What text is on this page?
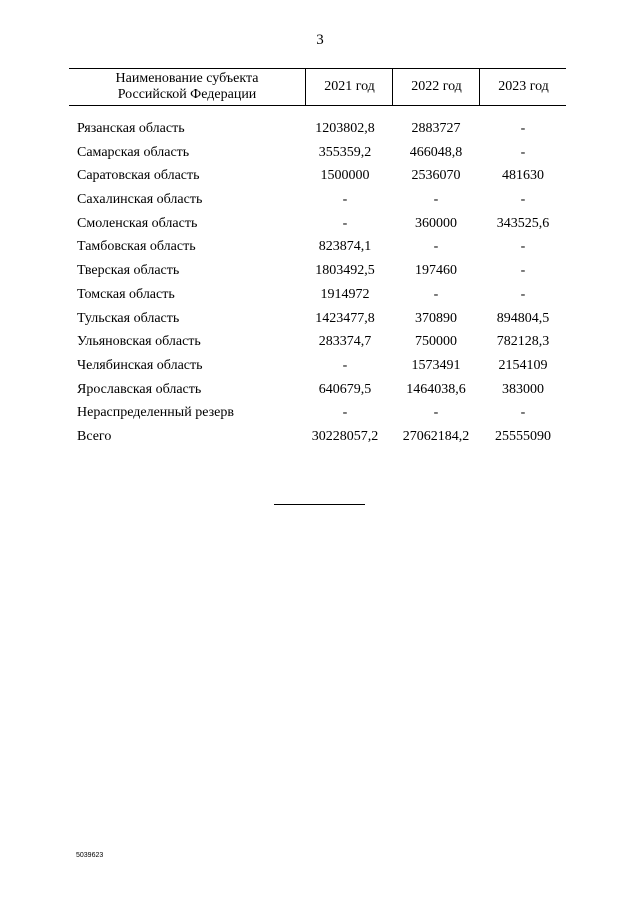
3
Наименование субъекта
Российской Федерации
2021 год	2022 год	2023 год
Рязанская область	1203802,8	2883727	-
Самарская область	355359,2	466048,8	-
Саратовская область	1500000	2536070	481630
Сахалинская область	-	-	-
Смоленская область	-	360000	343525,6
Тамбовская область	823874,1	-	-
Тверская область	1803492,5	197460	-
Томская область	1914972	-	-
Тульская область	1423477,8	370890	894804,5
Ульяновская область	283374,7	750000	782128,3
Челябинская область	-	1573491	2154109
Ярославская область	640679,5	1464038,6	383000
Нераспределенный резерв	-	-	-
Всего	30228057,2	27062184,2	25555090
5039623
